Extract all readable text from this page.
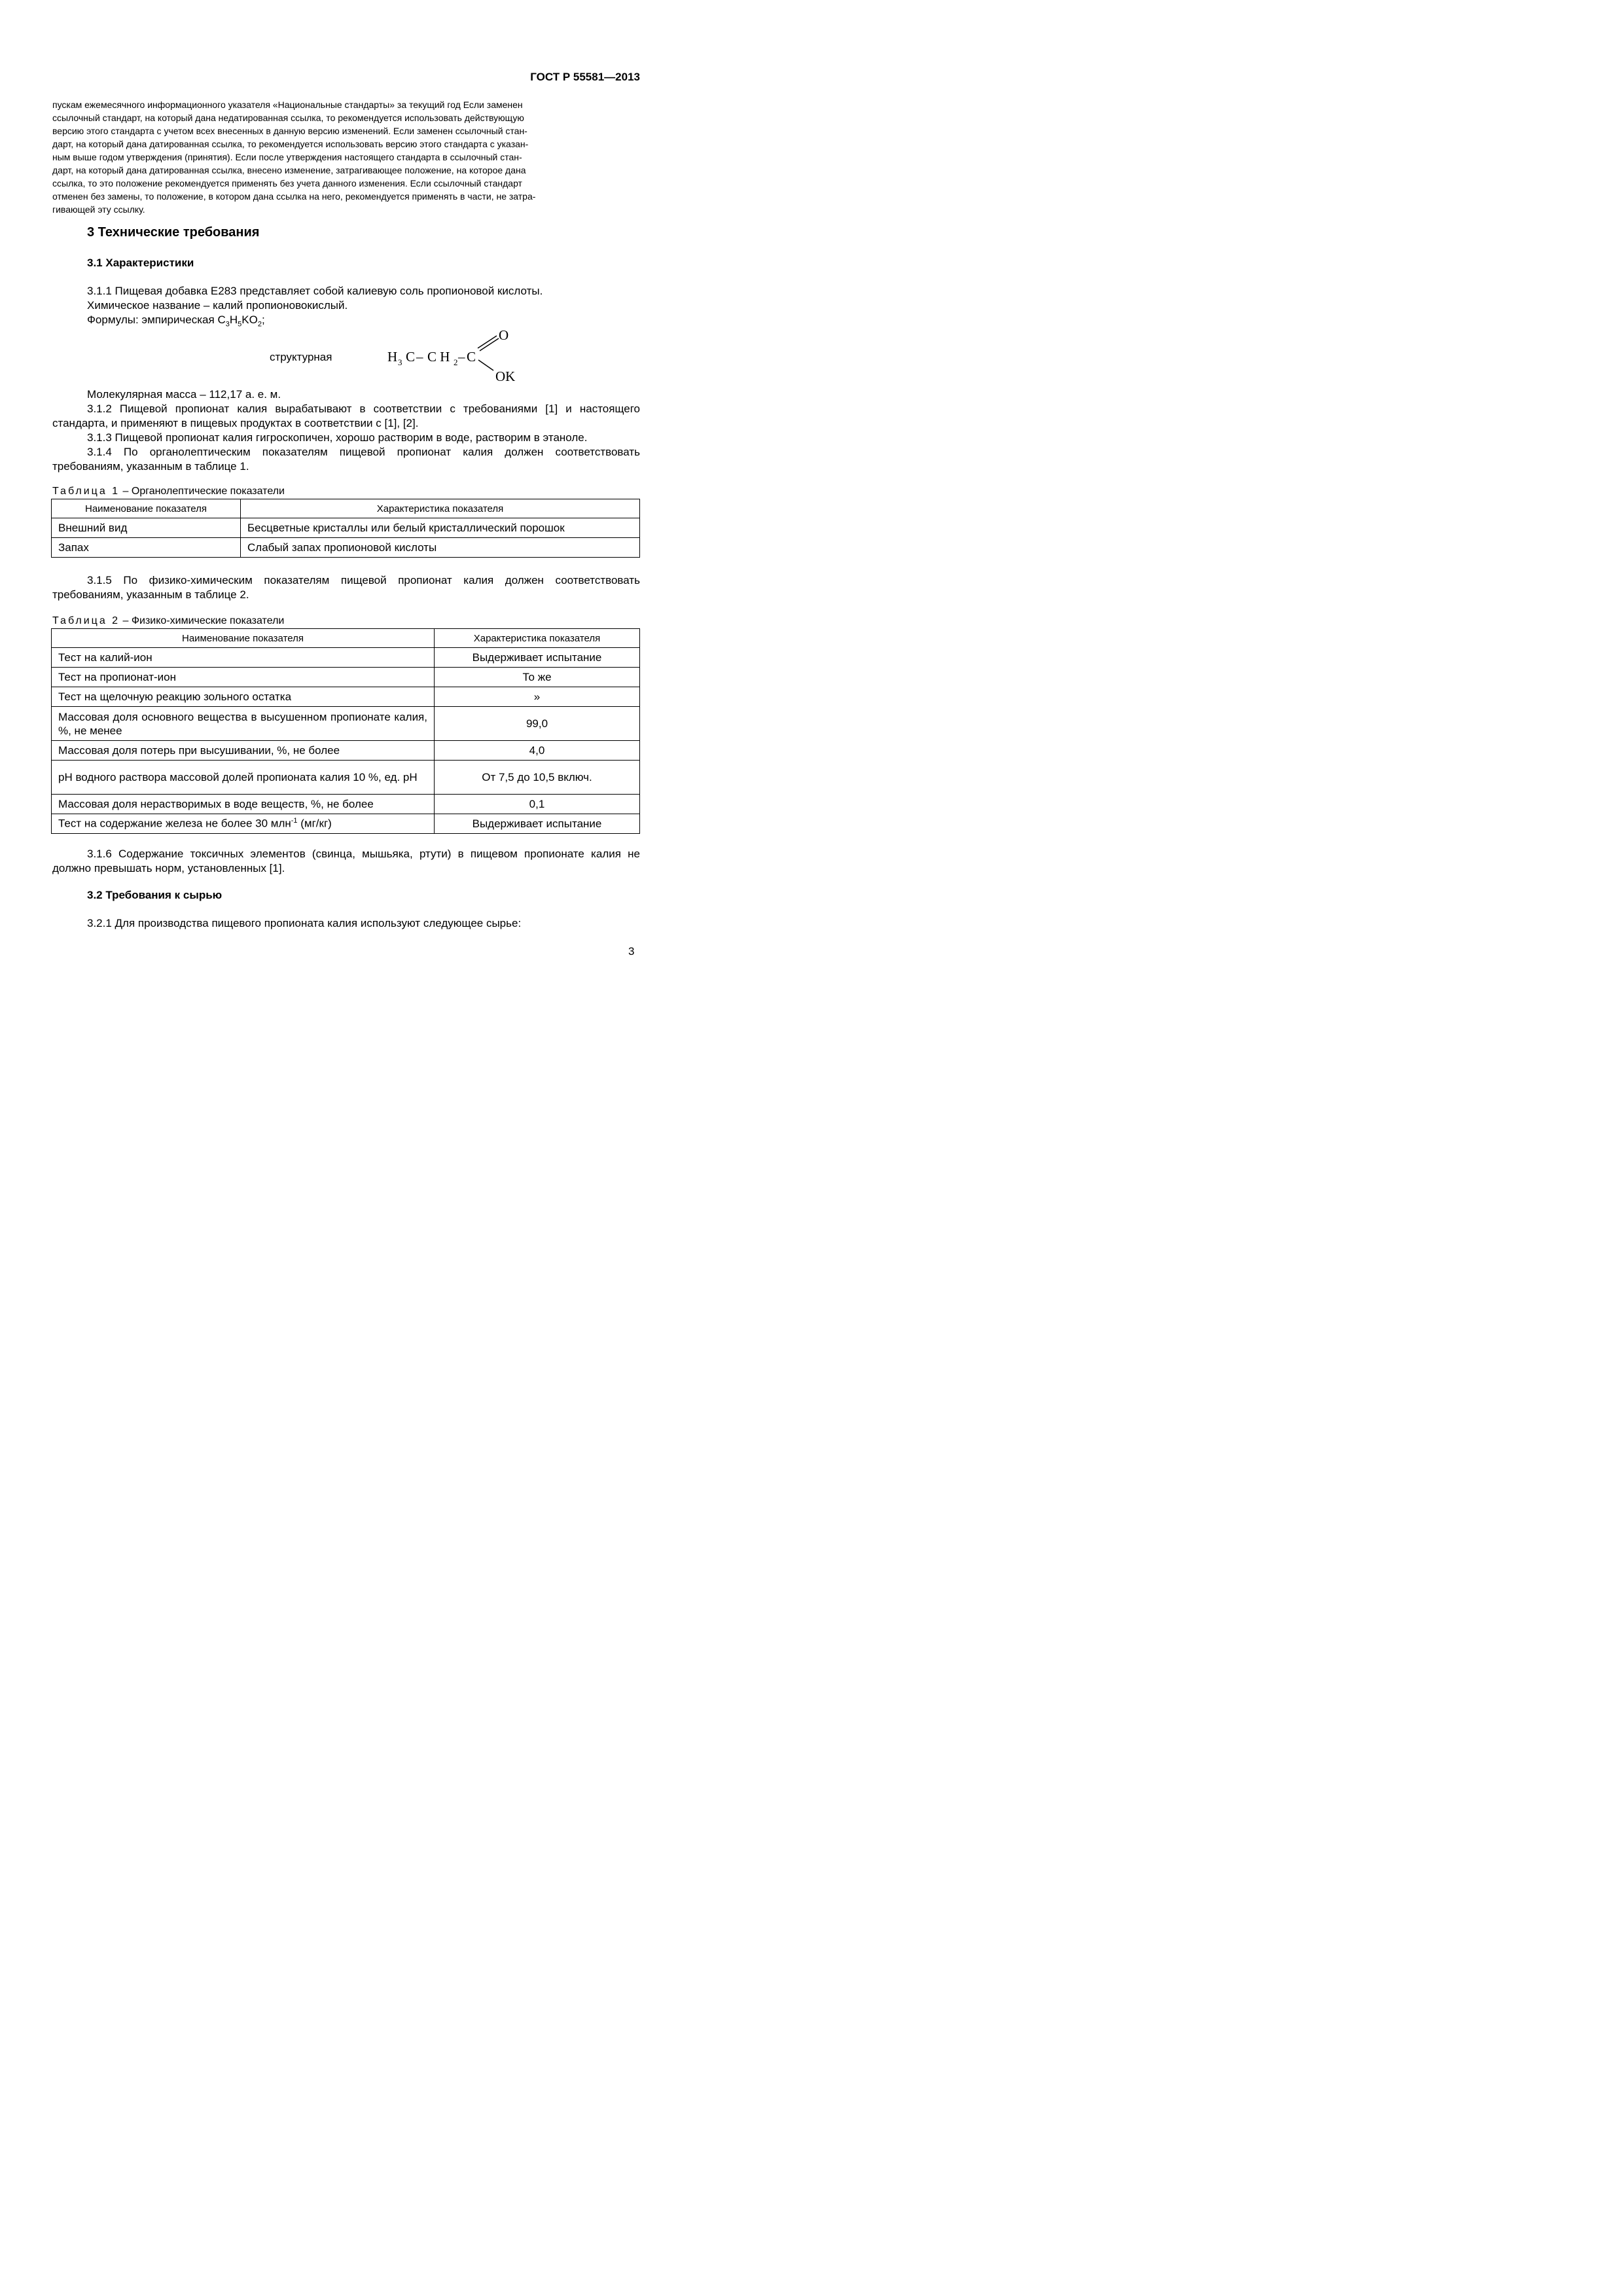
ГОСТ Р 55581—2013
пускам ежемесячного информационного указателя «Национальные стандарты» за текущий год Если заменен
ссылочный стандарт, на который дана недатированная ссылка, то рекомендуется использовать действующую
версию этого стандарта с учетом всех внесенных в данную версию изменений. Если заменен ссылочный стан-
дарт, на который дана датированная ссылка, то рекомендуется использовать версию этого стандарта с указан-
ным выше годом утверждения (принятия). Если после утверждения настоящего стандарта в ссылочный стан-
дарт, на который дана датированная ссылка, внесено изменение, затрагивающее положение, на которое дана
ссылка, то это положение рекомендуется применять без учета данного изменения. Если ссылочный стандарт
отменен без замены, то положение, в котором дана ссылка на него, рекомендуется применять в части, не затра-
гивающей эту ссылку.
3 Технические требования
3.1 Характеристики
3.1.1 Пищевая добавка Е283 представляет собой калиевую соль пропионовой кислоты.
Химическое название – калий пропионовокислый.
Формулы: эмпирическая $C_3H_5KO_2$;
структурная	H 3 C – C H 2 – C
O
OK
Молекулярная масса – 112,17 а. е. м.
3.1.2 Пищевой пропионат калия вырабатывают в соответствии с требованиями [1] и настоящего стандарта, и применяют в пищевых продуктах в соответствии с [1], [2].
3.1.3 Пищевой пропионат калия гигроскопичен, хорошо растворим в воде, растворим в этаноле.
3.1.4 По органолептическим показателям пищевой пропионат калия должен соответствовать требованиям, указанным в таблице 1.
Таблица 1 – Органолептические показатели
Наименование показателя	Характеристика показателя
Внешний вид	Бесцветные кристаллы или белый кристаллический порошок
Запах	Слабый запах пропионовой кислоты
3.1.5 По физико-химическим показателям пищевой пропионат калия должен соответствовать требованиям, указанным в таблице 2.
Таблица 2 – Физико-химические показатели
Наименование показателя	Характеристика показателя
Тест на калий-ион	Выдерживает испытание
Тест на пропионат-ион	То же
Тест на щелочную реакцию зольного остатка	»
Массовая доля основного вещества в высушенном пропионате калия, %, не менее	99,0
Массовая доля потерь при высушивании, %, не более	4,0
pH водного раствора массовой долей пропионата калия 10 %, ед. pH	От 7,5 до 10,5 включ.
Массовая доля нерастворимых в воде веществ, %, не более	0,1
Тест на содержание железа не более 30 млн$^{-1}$ (мг/кг)	Выдерживает испытание
3.1.6 Содержание токсичных элементов (свинца, мышьяка, ртути) в пищевом пропионате калия не должно превышать норм, установленных [1].
3.2 Требования к сырью
3.2.1 Для производства пищевого пропионата калия используют следующее сырье:
3
